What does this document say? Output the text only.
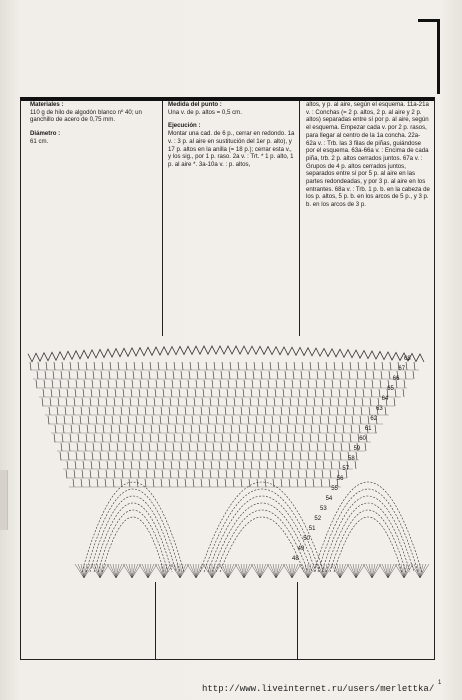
Materiales :

110 g de hilo de algodón blanco nº 40; un ganchillo de acero de 0,75 mm.

Diámetro :

61 cm.

Medida del punto :

Una v. de p. altos = 0,5 cm.

Ejecución :

Montar una cad. de 6 p., cerrar en redondo. 1a v. : 3 p. al aire en sustitución del 1er p. alto), y 17 p. altos en la anilla (= 18 p.); cerrar esta v., y los sig., por 1 p. raso. 2a v. : Trt. * 1 p. alto, 1 p. al aire *. 3a-10a v. : p. altos,

altos, y p. al aire, según el esquema. 11a-21a v. : Conchas (= 2 p. altos, 2 p. al aire y 2 p. altos) separadas entre sí por p. al aire, según el esquema. Empezar cada v. por 2 p. rasos, para llegar al centro de la 1a concha. 22a-62a v. : Trb. las 3 filas de piñas, guiándose por el esquema. 63a-66a v. : Encima de cada piña, trb. 2 p. altos cerrados juntos. 67a v. : Grupos de 4 p. altos cerrados juntos, separados entre sí por 5 p. al aire en las partes redondeadas, y por 3 p. al aire en los entrantes. 68a v. : Trb. 1 p. b. en la cabeza de los p. altos, 5 p. b. en los arcos de 5 p., y 3 p. b. en los arcos de 3 p.

68
67
66
65
64
63
62
61
60
59
58
57
56
55
54
53
52
51
50
49
48
http://www.liveinternet.ru/users/merlettka/
1
